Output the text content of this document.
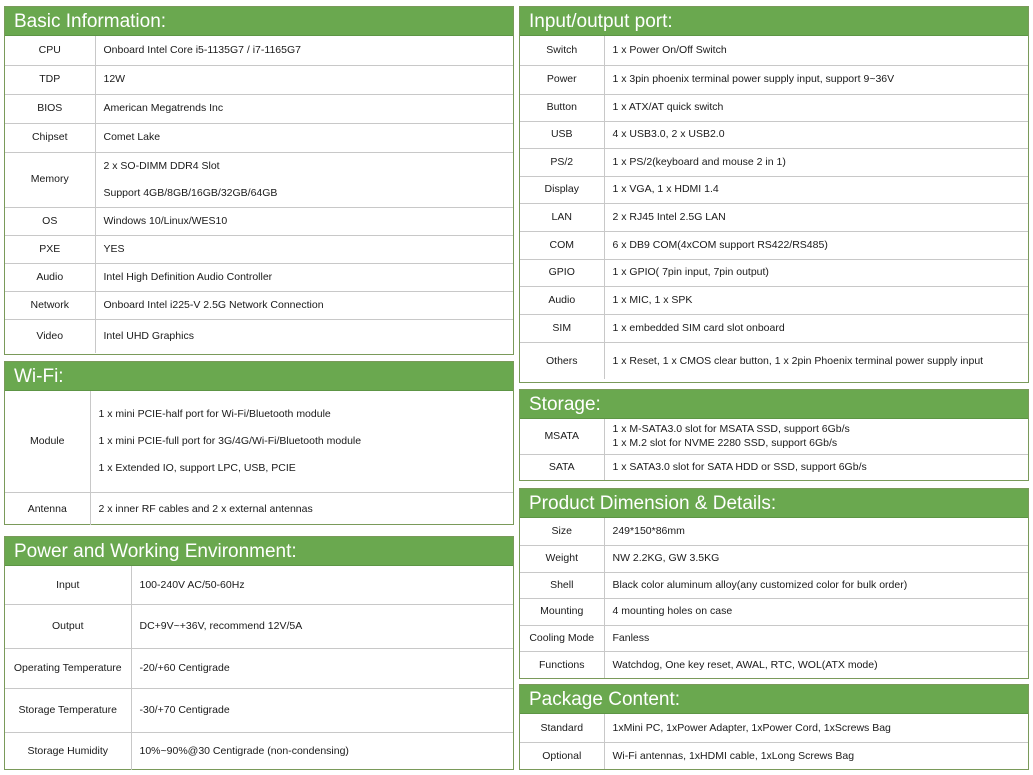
Basic Information:
CPU	Onboard Intel Core i5-1135G7 / i7-1165G7

TDP	12W

BIOS	American Megatrends Inc

Chipset	Comet Lake

Memory	2 x SO-DIMM DDR4 Slot
Support 4GB/8GB/16GB/32GB/64GB

OS	Windows 10/Linux/WES10

PXE	YES

Audio	Intel High Definition Audio Controller

Network	Onboard Intel i225-V 2.5G Network Connection

Video	Intel UHD Graphics
Wi-Fi:
Module	1 x mini PCIE-half port for Wi-Fi/Bluetooth module
1 x mini PCIE-full port for 3G/4G/Wi-Fi/Bluetooth module
1 x Extended IO, support LPC, USB, PCIE

Antenna	2 x inner RF cables and 2 x external antennas
Power and Working Environment:
Input	100-240V AC/50-60Hz

Output	DC+9V~+36V, recommend 12V/5A

Operating Temperature	-20/+60 Centigrade

Storage Temperature	-30/+70 Centigrade

Storage Humidity	10%~90%@30 Centigrade (non-condensing)
Input/output port:
Switch	1 x Power On/Off Switch

Power	1 x 3pin phoenix terminal power supply input, support 9~36V

Button	1 x ATX/AT quick switch

USB	4 x USB3.0, 2 x USB2.0

PS/2	1 x PS/2(keyboard and mouse 2 in 1)

Display	1 x VGA, 1 x HDMI 1.4

LAN	2 x RJ45 Intel 2.5G LAN

COM	6 x DB9 COM(4xCOM support RS422/RS485)

GPIO	1 x GPIO( 7pin input, 7pin output)

Audio	1 x MIC, 1 x SPK

SIM	1 x embedded SIM card slot onboard

Others	1 x Reset, 1 x CMOS clear button, 1 x 2pin Phoenix terminal power supply input
Storage:
MSATA	1 x M-SATA3.0 slot for MSATA SSD, support 6Gb/s
1 x M.2 slot for NVME 2280 SSD, support 6Gb/s

SATA	1 x SATA3.0 slot for SATA HDD or SSD, support 6Gb/s
Product Dimension & Details:
Size	249*150*86mm

Weight	NW 2.2KG, GW 3.5KG

Shell	Black color aluminum alloy(any customized color for bulk order)

Mounting	4 mounting holes on case

Cooling Mode	Fanless

Functions	Watchdog, One key reset, AWAL, RTC, WOL(ATX mode)
Package Content:
Standard	1xMini PC, 1xPower Adapter, 1xPower Cord, 1xScrews Bag

Optional	Wi-Fi antennas, 1xHDMI cable, 1xLong Screws Bag
